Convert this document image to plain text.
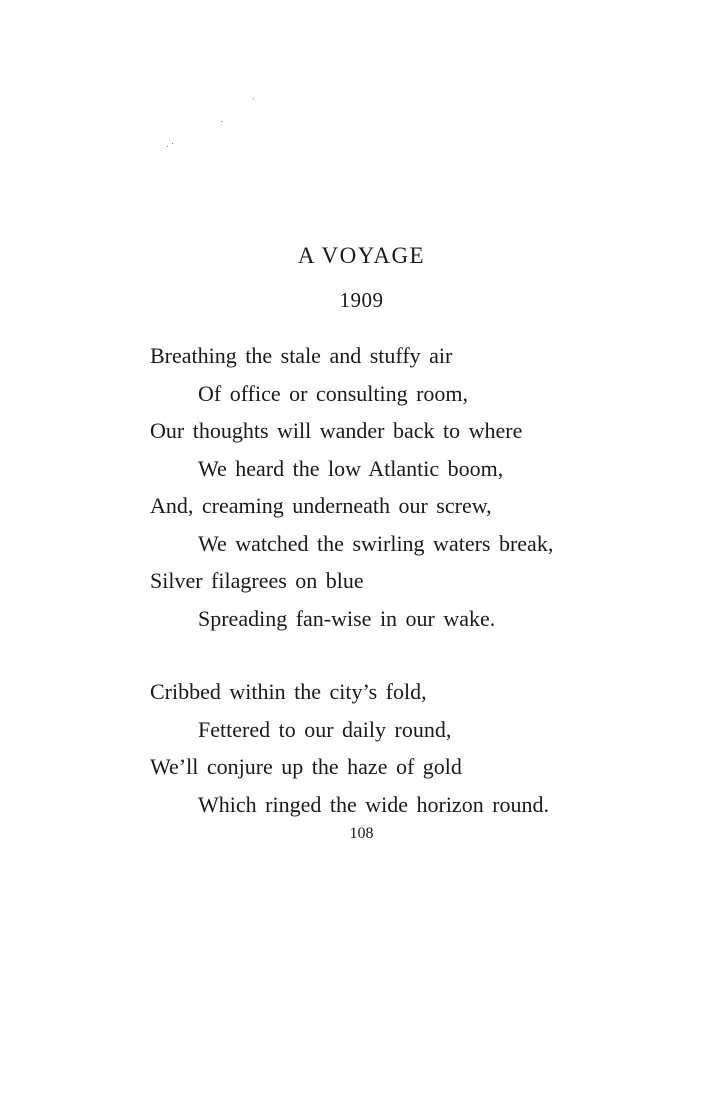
A VOYAGE
1909
Breathing the stale and stuffy air
Of office or consulting room,
Our thoughts will wander back to where
We heard the low Atlantic boom,
And, creaming underneath our screw,
We watched the swirling waters break,
Silver filagrees on blue
Spreading fan-wise in our wake.
Cribbed within the city’s fold,
Fettered to our daily round,
We’ll conjure up the haze of gold
Which ringed the wide horizon round.
108
